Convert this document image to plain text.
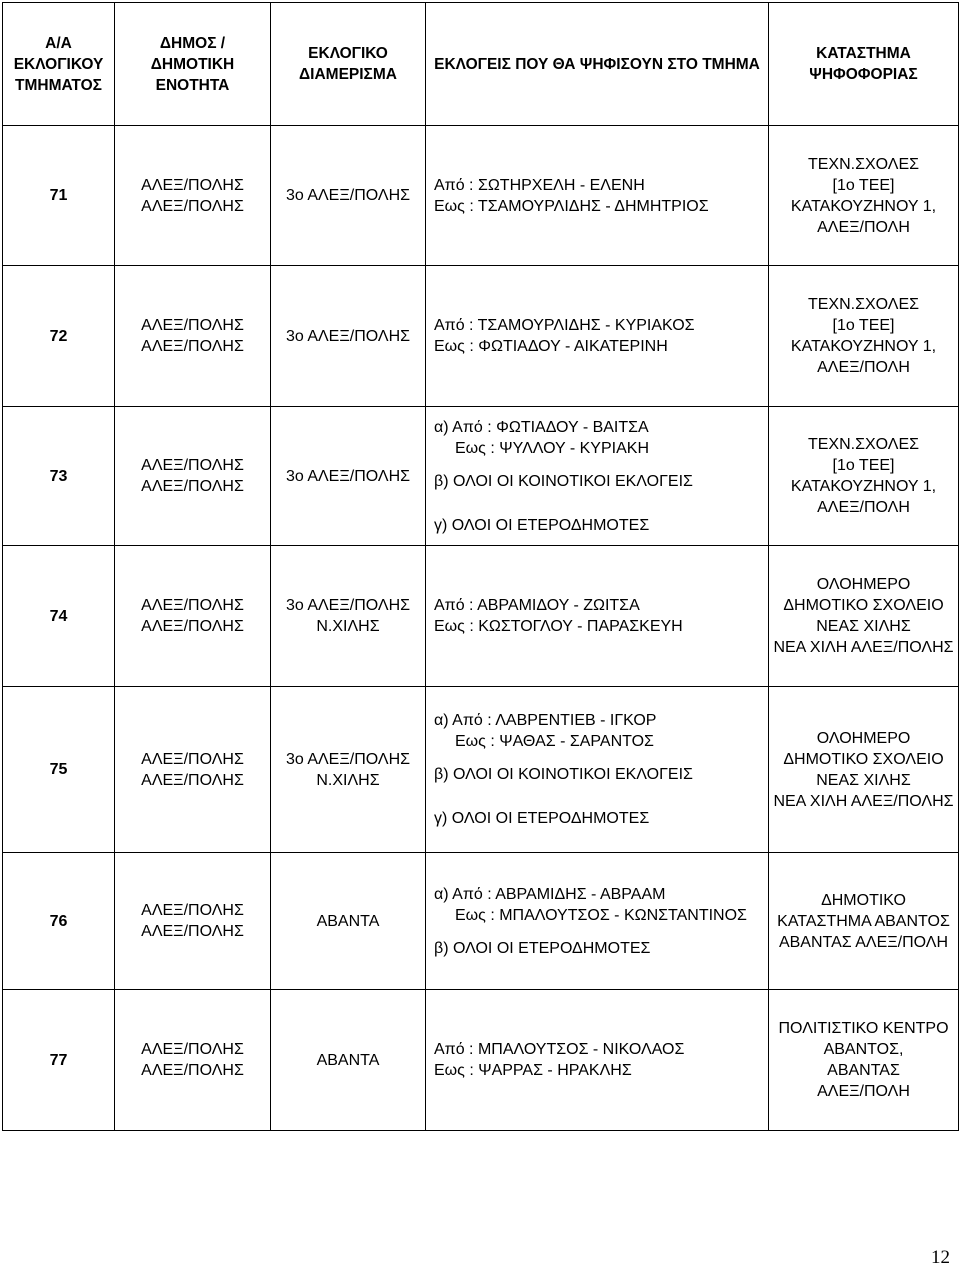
Α/Α
ΕΚΛΟΓΙΚΟΥ
ΤΜΗΜΑΤΟΣ	ΔΗΜΟΣ /
ΔΗΜΟΤΙΚΗ
ΕΝΟΤΗΤΑ	ΕΚΛΟΓΙΚΟ
ΔΙΑΜΕΡΙΣΜΑ	ΕΚΛΟΓΕΙΣ ΠΟΥ ΘΑ ΨΗΦΙΣΟΥΝ ΣΤΟ ΤΜΗΜΑ	ΚΑΤΑΣΤΗΜΑ
ΨΗΦΟΦΟΡΙΑΣ

71	ΑΛΕΞ/ΠΟΛΗΣ
ΑΛΕΞ/ΠΟΛΗΣ	3ο ΑΛΕΞ/ΠΟΛΗΣ	Από : ΣΩΤΗΡΧΕΛΗ - ΕΛΕΝΗ
Εως : ΤΣΑΜΟΥΡΛΙΔΗΣ - ΔΗΜΗΤΡΙΟΣ	ΤΕΧΝ.ΣΧΟΛΕΣ
[1ο ΤΕΕ]
ΚΑΤΑΚΟΥΖΗΝΟΥ 1,
ΑΛΕΞ/ΠΟΛΗ

72	ΑΛΕΞ/ΠΟΛΗΣ
ΑΛΕΞ/ΠΟΛΗΣ	3ο ΑΛΕΞ/ΠΟΛΗΣ	Από : ΤΣΑΜΟΥΡΛΙΔΗΣ - ΚΥΡΙΑΚΟΣ
Εως : ΦΩΤΙΑΔΟΥ - ΑΙΚΑΤΕΡΙΝΗ	ΤΕΧΝ.ΣΧΟΛΕΣ
[1ο ΤΕΕ]
ΚΑΤΑΚΟΥΖΗΝΟΥ 1,
ΑΛΕΞ/ΠΟΛΗ

73	ΑΛΕΞ/ΠΟΛΗΣ
ΑΛΕΞ/ΠΟΛΗΣ	3ο ΑΛΕΞ/ΠΟΛΗΣ	α) Από : ΦΩΤΙΑΔΟΥ - ΒΑΙΤΣΑ
Εως : ΨΥΛΛΟΥ - ΚΥΡΙΑΚΗ
β) ΟΛΟΙ ΟΙ ΚΟΙΝΟΤΙΚΟΙ ΕΚΛΟΓΕΙΣ
γ) ΟΛΟΙ ΟΙ ΕΤΕΡΟΔΗΜΟΤΕΣ	ΤΕΧΝ.ΣΧΟΛΕΣ
[1ο ΤΕΕ]
ΚΑΤΑΚΟΥΖΗΝΟΥ 1,
ΑΛΕΞ/ΠΟΛΗ

74	ΑΛΕΞ/ΠΟΛΗΣ
ΑΛΕΞ/ΠΟΛΗΣ	3ο ΑΛΕΞ/ΠΟΛΗΣ
Ν.ΧΙΛΗΣ	Από : ΑΒΡΑΜΙΔΟΥ - ΖΩΙΤΣΑ
Εως : ΚΩΣΤΟΓΛΟΥ - ΠΑΡΑΣΚΕΥΗ	ΟΛΟΗΜΕΡΟ
ΔΗΜΟΤΙΚΟ ΣΧΟΛΕΙΟ
ΝΕΑΣ ΧΙΛΗΣ
ΝΕΑ ΧΙΛΗ ΑΛΕΞ/ΠΟΛΗΣ

75	ΑΛΕΞ/ΠΟΛΗΣ
ΑΛΕΞ/ΠΟΛΗΣ	3ο ΑΛΕΞ/ΠΟΛΗΣ
Ν.ΧΙΛΗΣ	α) Από : ΛΑΒΡΕΝΤΙΕΒ - ΙΓΚΟΡ
Εως : ΨΑΘΑΣ - ΣΑΡΑΝΤΟΣ
β) ΟΛΟΙ ΟΙ ΚΟΙΝΟΤΙΚΟΙ ΕΚΛΟΓΕΙΣ
γ) ΟΛΟΙ ΟΙ ΕΤΕΡΟΔΗΜΟΤΕΣ	ΟΛΟΗΜΕΡΟ
ΔΗΜΟΤΙΚΟ ΣΧΟΛΕΙΟ
ΝΕΑΣ ΧΙΛΗΣ
ΝΕΑ ΧΙΛΗ ΑΛΕΞ/ΠΟΛΗΣ

76	ΑΛΕΞ/ΠΟΛΗΣ
ΑΛΕΞ/ΠΟΛΗΣ	ΑΒΑΝΤΑ	α) Από : ΑΒΡΑΜΙΔΗΣ - ΑΒΡΑΑΜ
Εως : ΜΠΑΛΟΥΤΣΟΣ - ΚΩΝΣΤΑΝΤΙΝΟΣ
β) ΟΛΟΙ ΟΙ ΕΤΕΡΟΔΗΜΟΤΕΣ	ΔΗΜΟΤΙΚΟ
ΚΑΤΑΣΤΗΜΑ ΑΒΑΝΤΟΣ
ΑΒΑΝΤΑΣ ΑΛΕΞ/ΠΟΛΗ

77	ΑΛΕΞ/ΠΟΛΗΣ
ΑΛΕΞ/ΠΟΛΗΣ	ΑΒΑΝΤΑ	Από : ΜΠΑΛΟΥΤΣΟΣ - ΝΙΚΟΛΑΟΣ
Εως : ΨΑΡΡΑΣ - ΗΡΑΚΛΗΣ	ΠΟΛΙΤΙΣΤΙΚΟ ΚΕΝΤΡΟ
ΑΒΑΝΤΟΣ,
ΑΒΑΝΤΑΣ
ΑΛΕΞ/ΠΟΛΗ
12
